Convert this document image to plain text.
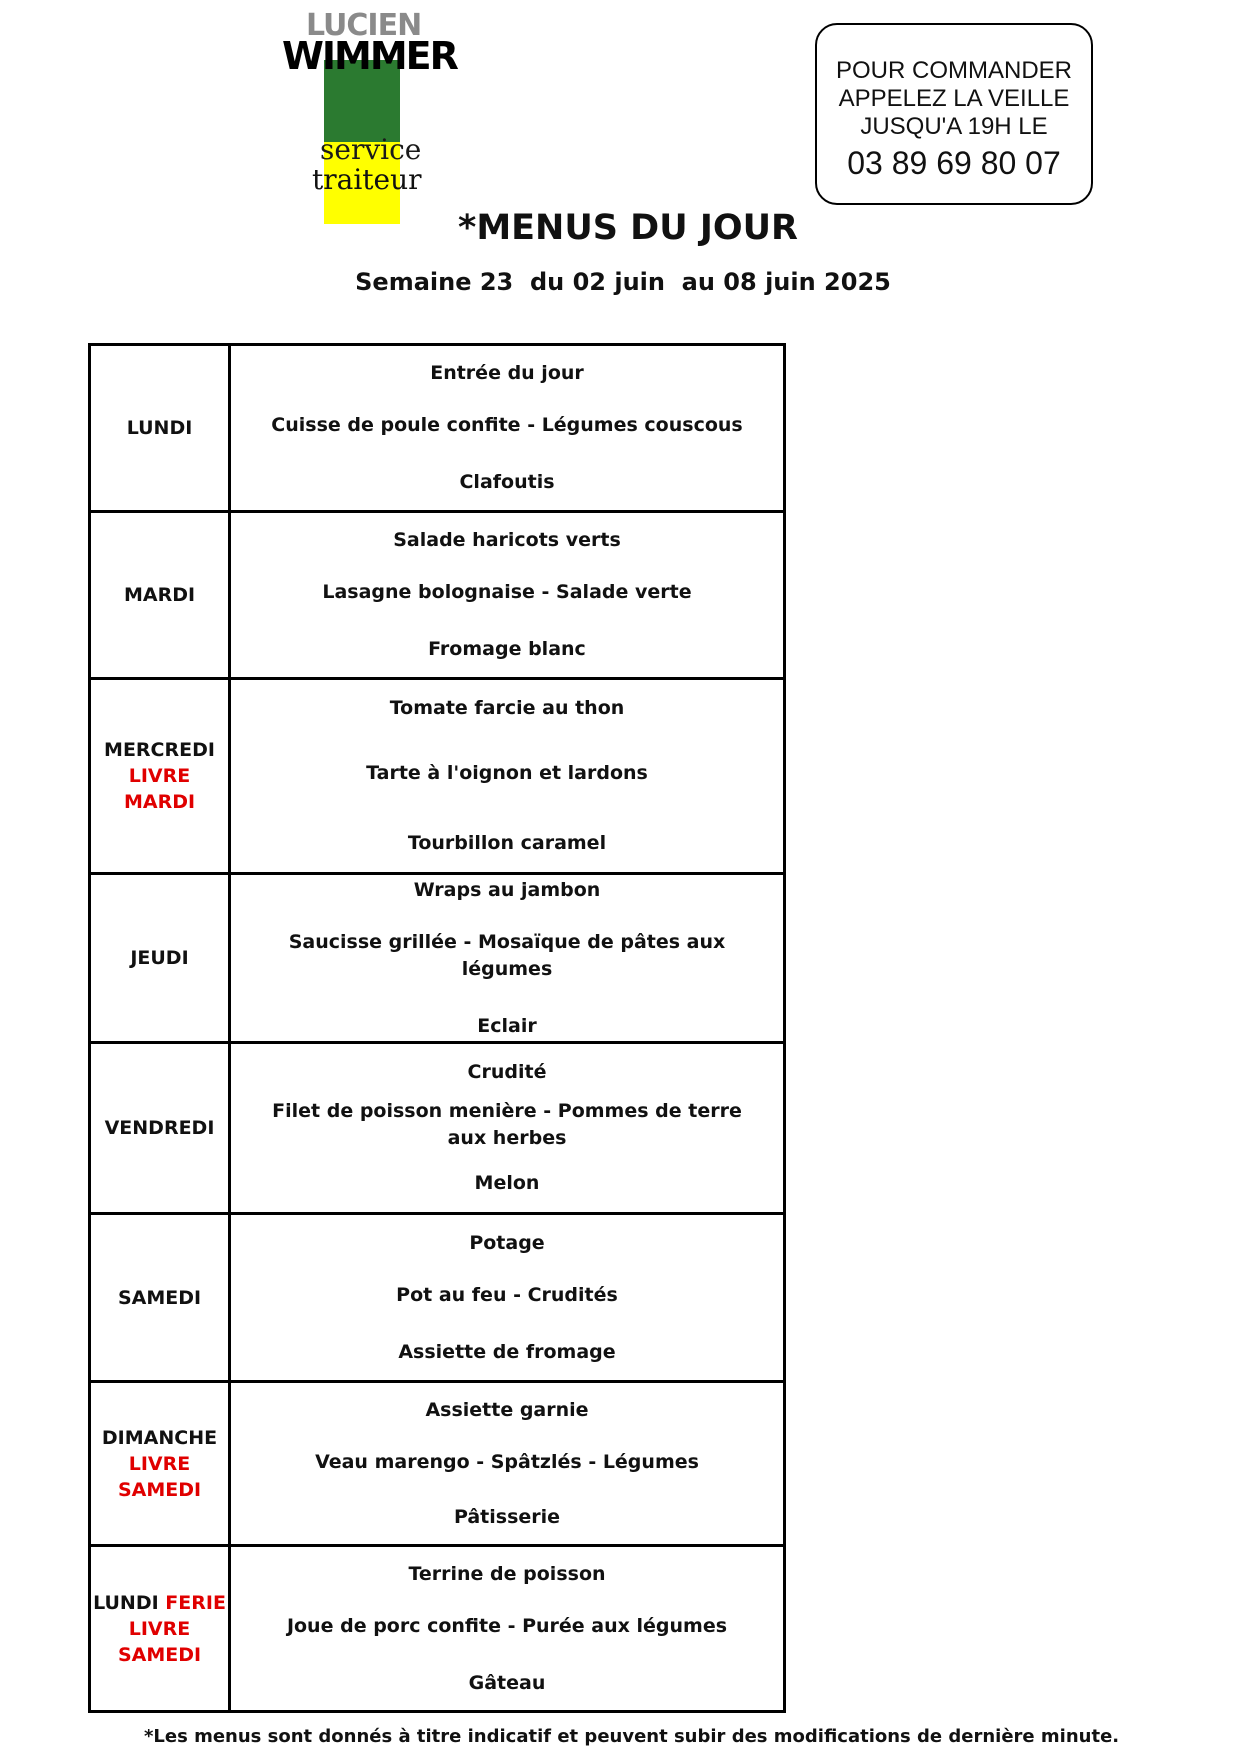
LUCIEN
WIMMER
service
traiteur
POUR COMMANDER
APPELEZ LA VEILLE
JUSQU'A 19H LE
03 89 69 80 07
*MENUS DU JOUR
Semaine 23  du 02 juin  au 08 juin 2025
LUNDI	Entrée du jour
Cuisse de poule confite - Légumes couscous
Clafoutis

MARDI	Salade haricots verts
Lasagne bolognaise - Salade verte
Fromage blanc

MERCREDI
LIVRE MARDI	Tomate farcie au thon
Tarte à l'oignon et lardons
Tourbillon caramel

JEUDI	Wraps au jambon
Saucisse grillée - Mosaïque de pâtes aux légumes
Eclair

VENDREDI	Crudité
Filet de poisson menière - Pommes de terre aux herbes
Melon

SAMEDI	Potage
Pot au feu - Crudités
Assiette de fromage

DIMANCHE
LIVRE SAMEDI	Assiette garnie
Veau marengo - Spâtzlés - Légumes
Pâtisserie

LUNDI FERIE
LIVRE SAMEDI	Terrine de poisson
Joue de porc confite - Purée aux légumes
Gâteau
*Les menus sont donnés à titre indicatif et peuvent subir des modifications de dernière minute.
